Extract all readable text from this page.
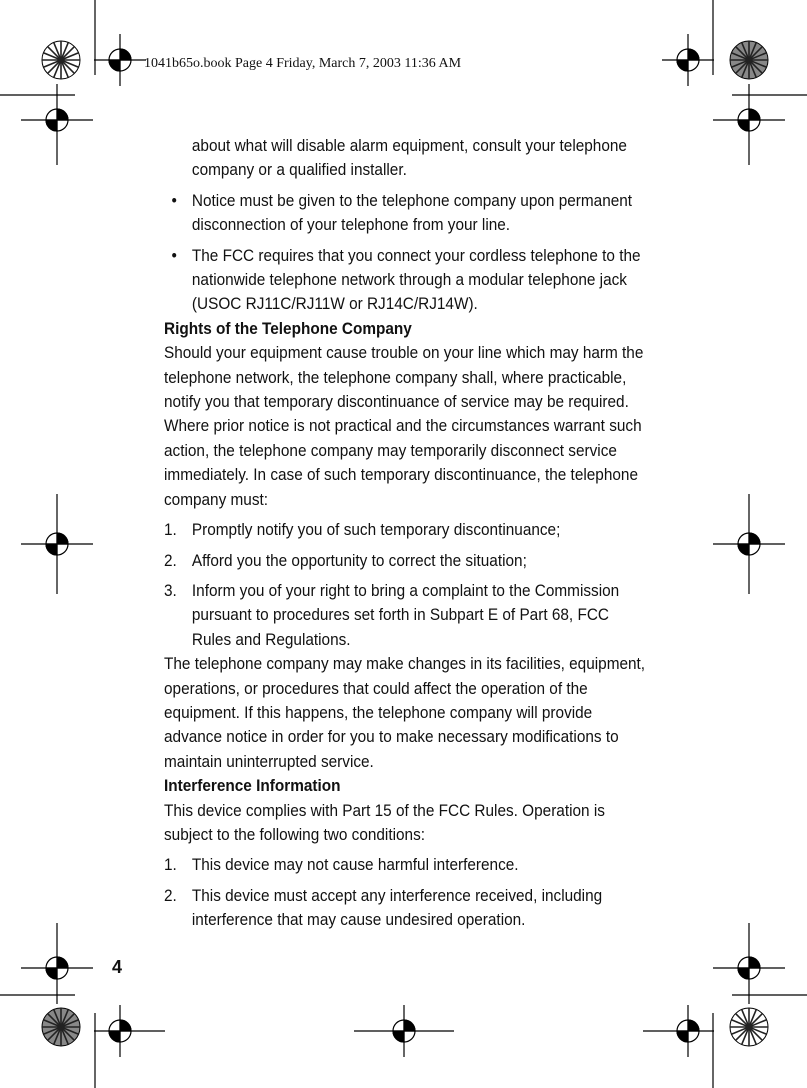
1041b65o.book Page 4 Friday, March 7, 2003 11:36 AM

about what will disable alarm equipment, consult your telephone company or a qualified installer.

• Notice must be given to the telephone company upon permanent disconnection of your telephone from your line.
• The FCC requires that you connect your cordless telephone to the nationwide telephone network through a modular telephone jack (USOC RJ11C/RJ11W or RJ14C/RJ14W).

Rights of the Telephone Company

Should your equipment cause trouble on your line which may harm the telephone network, the telephone company shall, where practicable, notify you that temporary discontinuance of service may be required. Where prior notice is not practical and the circumstances warrant such action, the telephone company may temporarily disconnect service immediately. In case of such temporary discontinuance, the telephone company must:

1. Promptly notify you of such temporary discontinuance;
2. Afford you the opportunity to correct the situation;
3. Inform you of your right to bring a complaint to the Commission pursuant to procedures set forth in Subpart E of Part 68, FCC Rules and Regulations.

The telephone company may make changes in its facilities, equipment, operations, or procedures that could affect the operation of the equipment. If this happens, the telephone company will provide advance notice in order for you to make necessary modifications to maintain uninterrupted service.

Interference Information

This device complies with Part 15 of the FCC Rules. Operation is subject to the following two conditions:

1. This device may not cause harmful interference.
2. This device must accept any interference received, including interference that may cause undesired operation.
4
